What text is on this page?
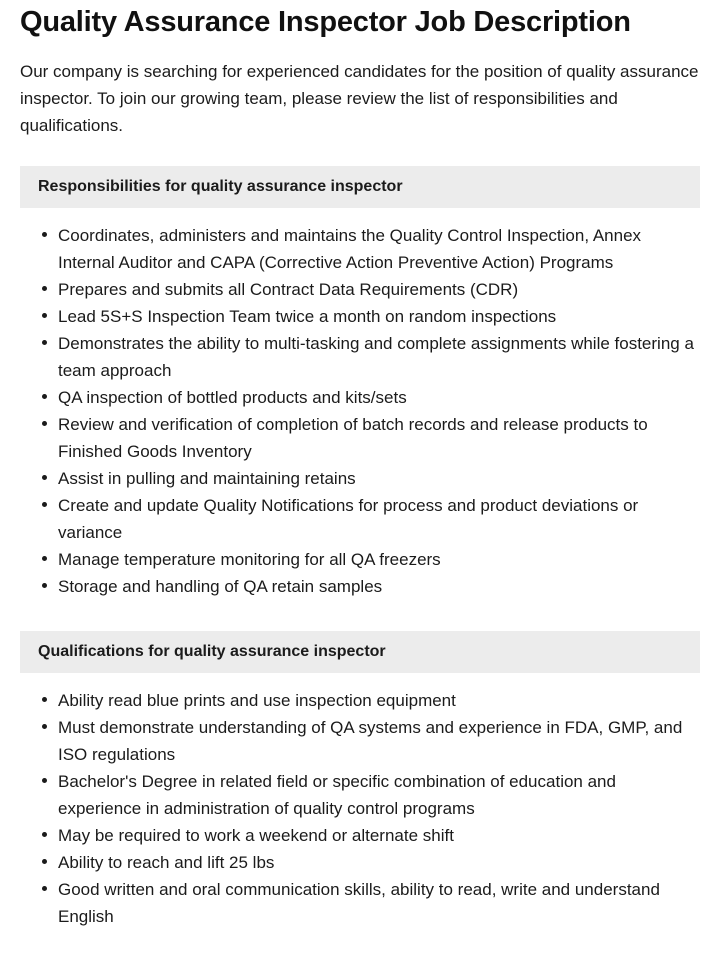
Quality Assurance Inspector Job Description

Our company is searching for experienced candidates for the position of quality assurance inspector. To join our growing team, please review the list of responsibilities and qualifications.

Responsibilities for quality assurance inspector
Coordinates, administers and maintains the Quality Control Inspection, Annex Internal Auditor and CAPA (Corrective Action Preventive Action) Programs
Prepares and submits all Contract Data Requirements (CDR)
Lead 5S+S Inspection Team twice a month on random inspections
Demonstrates the ability to multi-tasking and complete assignments while fostering a team approach
QA inspection of bottled products and kits/sets
Review and verification of completion of batch records and release products to Finished Goods Inventory
Assist in pulling and maintaining retains
Create and update Quality Notifications for process and product deviations or variance
Manage temperature monitoring for all QA freezers
Storage and handling of QA retain samples
Qualifications for quality assurance inspector
Ability read blue prints and use inspection equipment
Must demonstrate understanding of QA systems and experience in FDA, GMP, and ISO regulations
Bachelor's Degree in related field or specific combination of education and experience in administration of quality control programs
May be required to work a weekend or alternate shift
Ability to reach and lift 25 lbs
Good written and oral communication skills, ability to read, write and understand English
